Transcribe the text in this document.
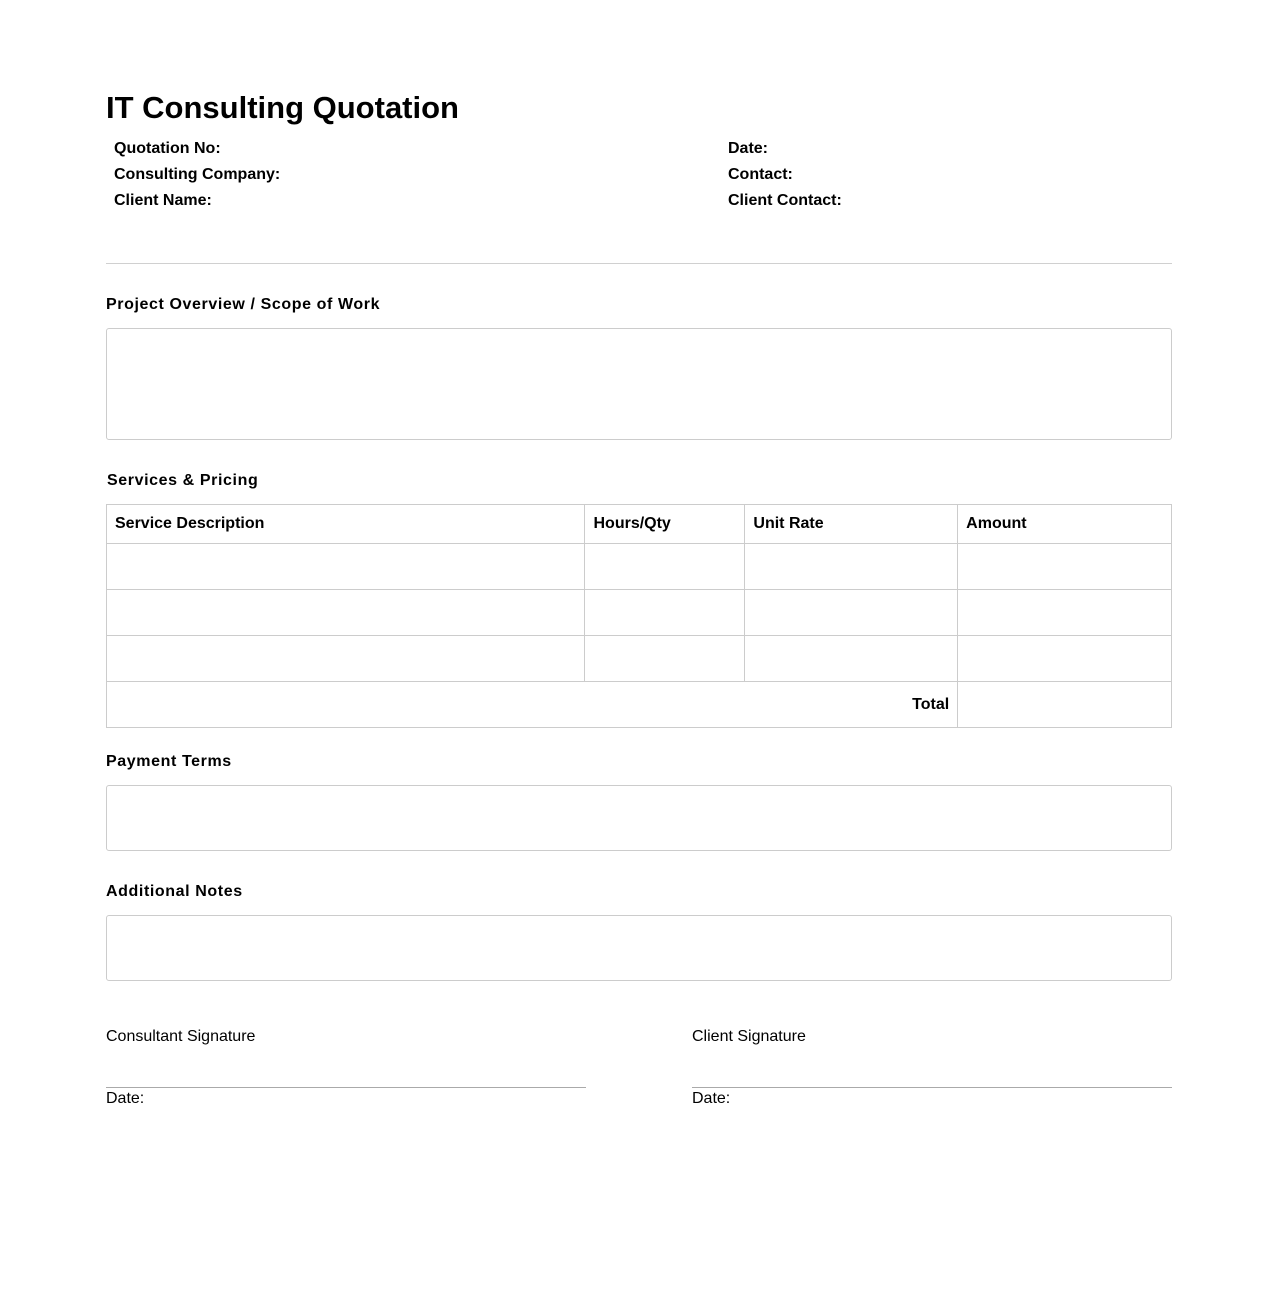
IT Consulting Quotation
Quotation No:
Consulting Company:
Client Name:
Date:
Contact:
Client Contact:
Project Overview / Scope of Work
Services & Pricing
Service Description	Hours/Qty	Unit Rate	Amount

Total			
Payment Terms
Additional Notes
Consultant Signature
Date:
Client Signature
Date:
